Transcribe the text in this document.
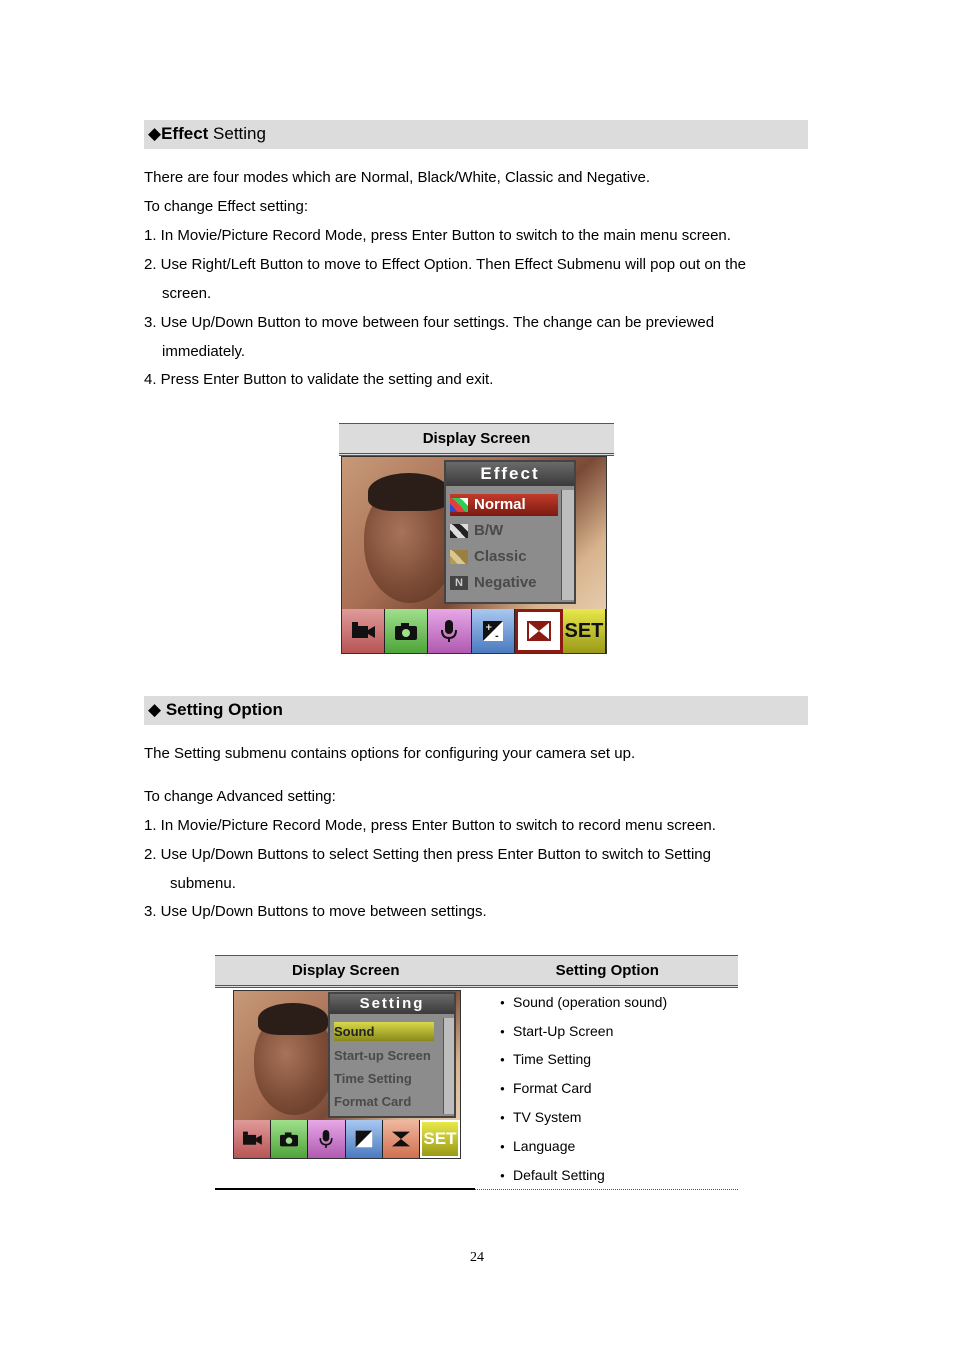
◆Effect Setting
There are four modes which are Normal, Black/White, Classic and Negative.
To change Effect setting:
1. In Movie/Picture Record Mode, press Enter Button to switch to the main menu screen.
2. Use Right/Left Button to move to Effect Option. Then Effect Submenu will pop out on the
screen.
3. Use Up/Down Button to move between four settings. The change can be previewed
immediately.
4. Press Enter Button to validate the setting and exit.
Display Screen
Effect
Normal
B/W
Classic
N Negative
+
-	SET
◆ Setting Option
The Setting submenu contains options for configuring your camera set up.
To change Advanced setting:
1. In Movie/Picture Record Mode, press Enter Button to switch to record menu screen.
2. Use Up/Down Buttons to select Setting then press Enter Button to switch to Setting
submenu.
3. Use Up/Down Buttons to move between settings.
Display Screen	Setting Option
Setting
Sound
Start-up Screen
Time Setting
Format Card
SET
● Sound (operation sound)
● Start-Up Screen
● Time Setting
● Format Card
● TV System
● Language
● Default Setting
24
